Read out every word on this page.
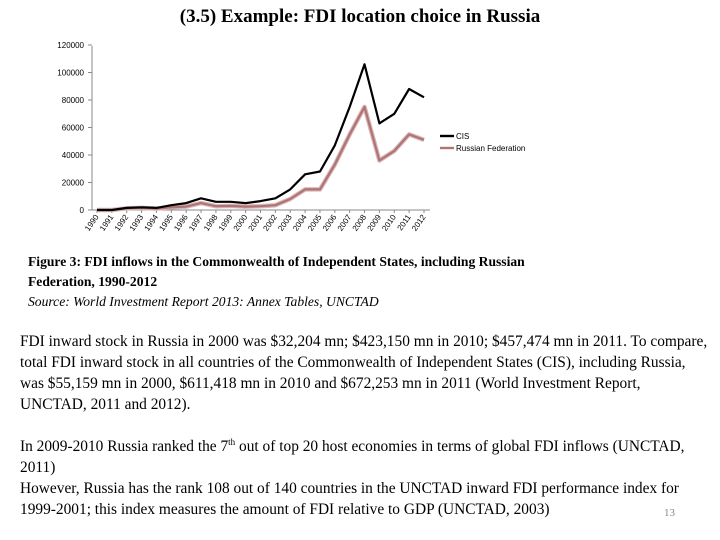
(3.5) Example: FDI location choice in Russia
0
20000
40000
60000
80000
100000
120000
1990
1991
1992
1993
1994
1995
1996
1997
1998
1999
2000
2001
2002
2003
2004
2005
2006
2007
2008
2009
2010
2011
2012
CIS
Russian Federation
Figure 3: FDI inflows in the Commonwealth of Independent States, including Russian
Federation, 1990-2012
Source: World Investment Report 2013: Annex Tables, UNCTAD

FDI inward stock in Russia in 2000 was $32,204 mn; $423,150 mn in 2010; $457,474 mn in 2011. To compare, total FDI inward stock in all countries of the Commonwealth of Independent States (CIS), including Russia, was $55,159 mn in 2000, $611,418 mn in 2010 and $672,253 mn in 2011 (World Investment Report, UNCTAD, 2011 and 2012).

In 2009-2010 Russia ranked the 7th out of top 20 host economies in terms of global FDI inflows (UNCTAD, 2011)

However, Russia has the rank 108 out of 140 countries in the UNCTAD inward FDI performance index for 1999-2001; this index measures the amount of FDI relative to GDP (UNCTAD, 2003)	13
